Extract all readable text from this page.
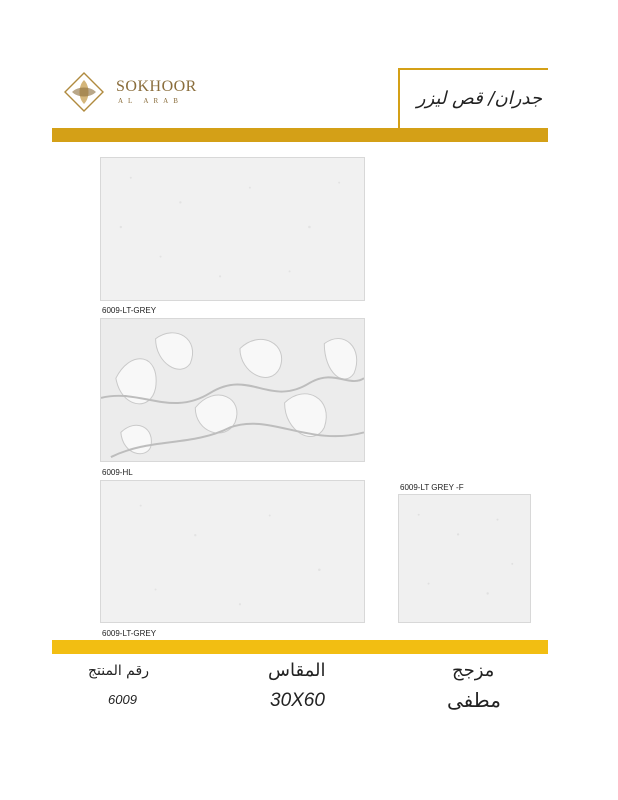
SOKHOOR
AL ARAB	جدران/ قص ليزر
6009-LT-GREY
6009-HL
6009-LT-GREY
6009-LT GREY -F
رقم المنتج
6009
المقاس
30X60
مزجج
مطفى
